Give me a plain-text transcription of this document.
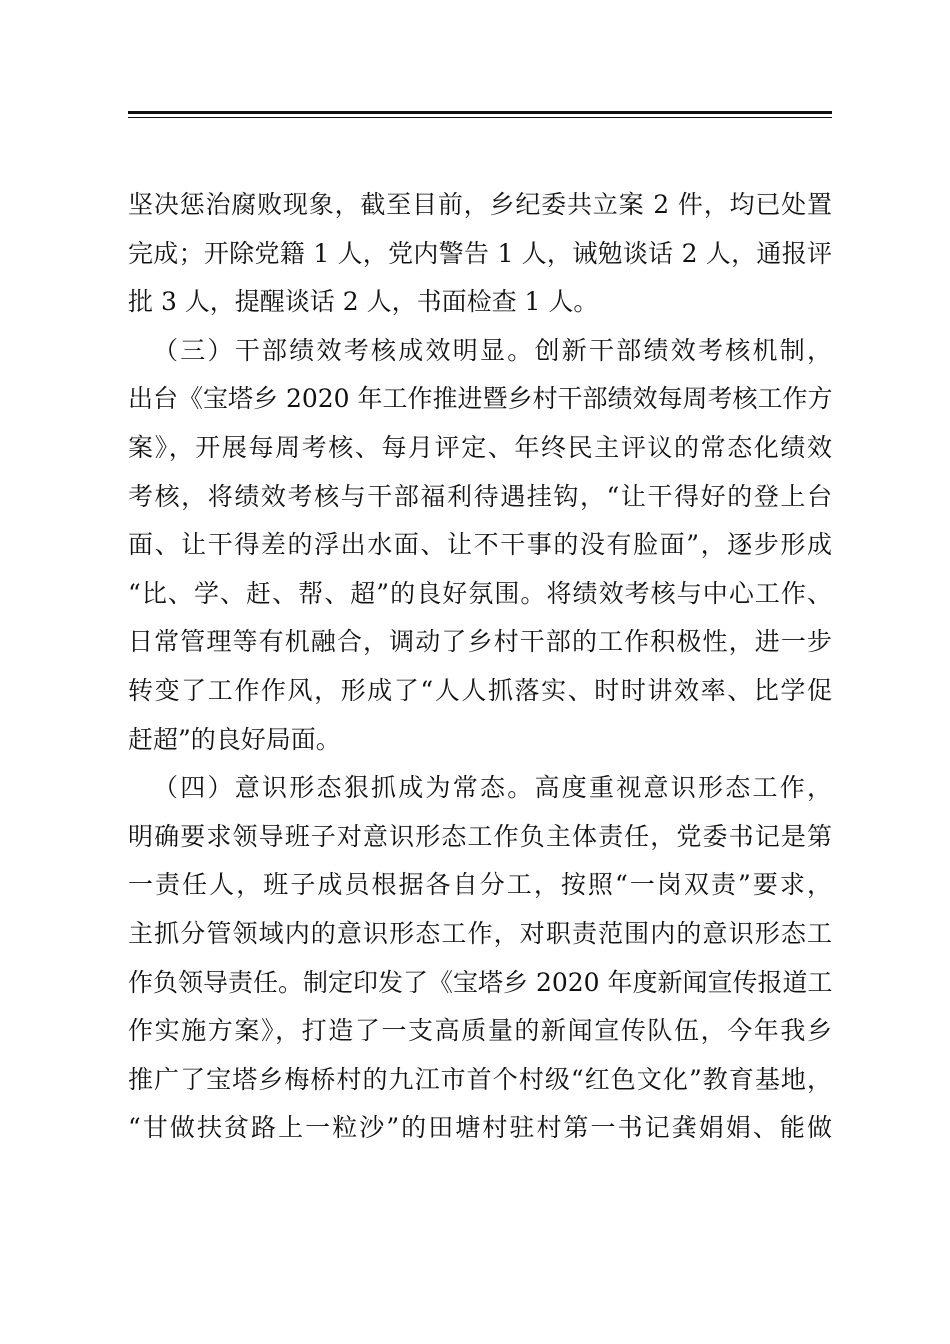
坚决惩治腐败现象，截至目前，乡纪委共立案 2 件，均已处置
完成；开除党籍 1 人，党内警告 1 人，诫勉谈话 2 人，通报评
批 3 人，提醒谈话 2 人，书面检查 1 人。
（三）干部绩效考核成效明显。创新干部绩效考核机制，
出台《宝塔乡 2020 年工作推进暨乡村干部绩效每周考核工作方
案》，开展每周考核、每月评定、年终民主评议的常态化绩效
考核，将绩效考核与干部福利待遇挂钩，“让干得好的登上台
面、让干得差的浮出水面、让不干事的没有脸面”，逐步形成
“比、学、赶、帮、超”的良好氛围。将绩效考核与中心工作、
日常管理等有机融合，调动了乡村干部的工作积极性，进一步
转变了工作作风，形成了“人人抓落实、时时讲效率、比学促
赶超”的良好局面。
（四）意识形态狠抓成为常态。高度重视意识形态工作，
明确要求领导班子对意识形态工作负主体责任，党委书记是第
一责任人，班子成员根据各自分工，按照“一岗双责”要求，
主抓分管领域内的意识形态工作，对职责范围内的意识形态工
作负领导责任。制定印发了《宝塔乡 2020 年度新闻宣传报道工
作实施方案》，打造了一支高质量的新闻宣传队伍，今年我乡
推广了宝塔乡梅桥村的九江市首个村级“红色文化”教育基地，
“甘做扶贫路上一粒沙”的田塘村驻村第一书记龚娟娟、能做
